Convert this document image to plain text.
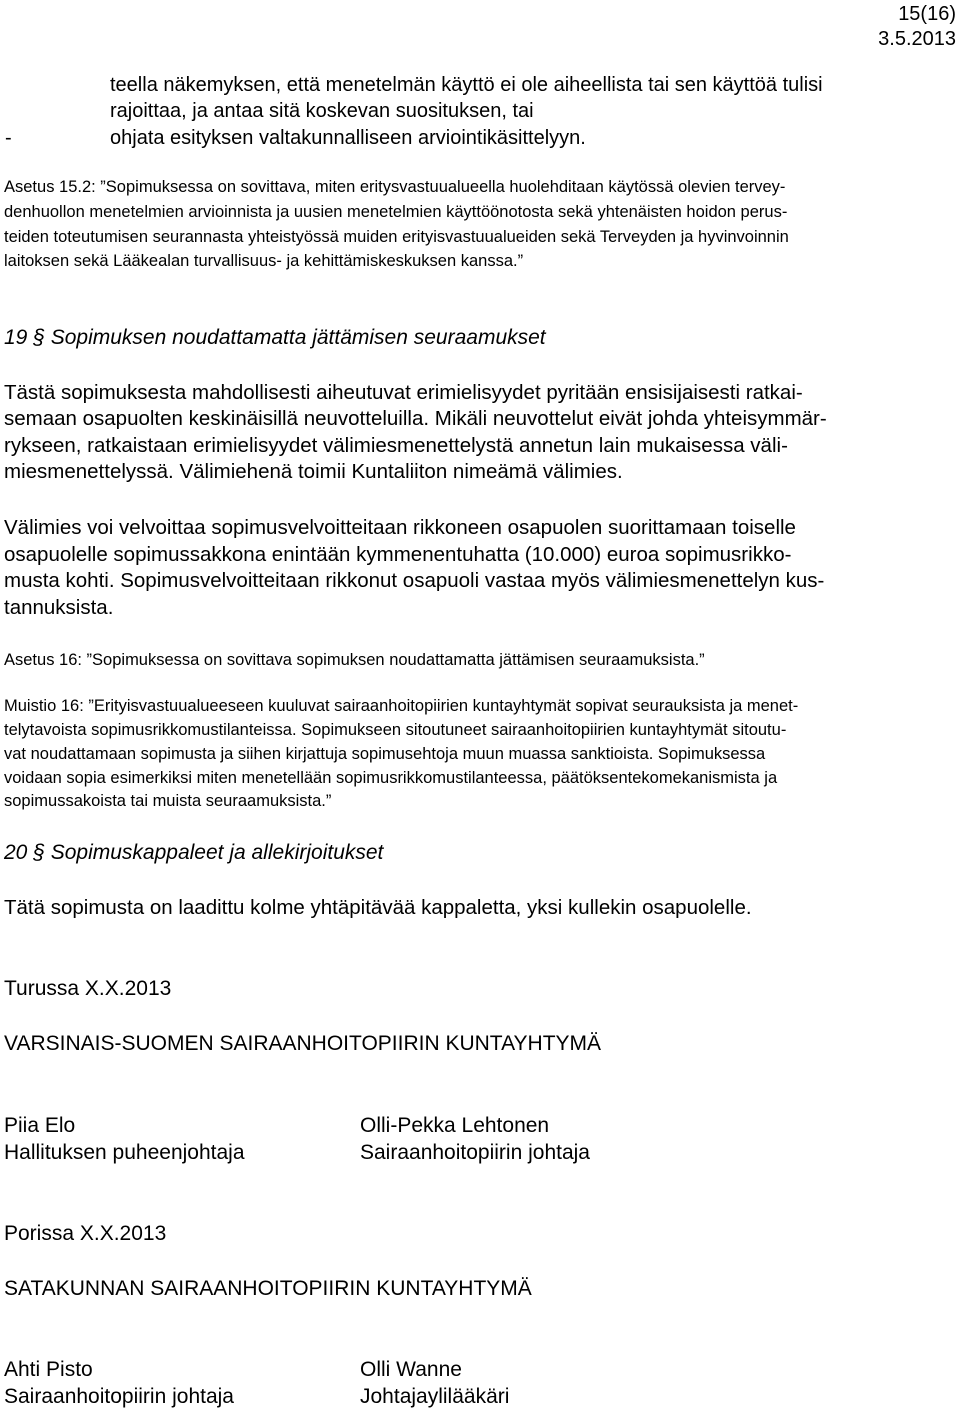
15(16)
3.5.2013
teella näkemyksen, että menetelmän käyttö ei ole aiheellista tai sen käyttöä tulisi
rajoittaa, ja antaa sitä koskevan suosituksen, tai
-	ohjata esityksen valtakunnalliseen arviointikäsittelyyn.
Asetus 15.2: ”Sopimuksessa on sovittava, miten eritysvastuualueella huolehditaan käytössä olevien tervey-
denhuollon menetelmien arvioinnista ja uusien menetelmien käyttöönotosta sekä yhtenäisten hoidon perus-
teiden toteutumisen seurannasta yhteistyössä muiden erityisvastuualueiden sekä Terveyden ja hyvinvoinnin
laitoksen sekä Lääkealan turvallisuus- ja kehittämiskeskuksen kanssa.”
19 § Sopimuksen noudattamatta jättämisen seuraamukset
Tästä sopimuksesta mahdollisesti aiheutuvat erimielisyydet pyritään ensisijaisesti ratkai-
semaan osapuolten keskinäisillä neuvotteluilla. Mikäli neuvottelut eivät johda yhteisymmär-
rykseen, ratkaistaan erimielisyydet välimiesmenettelystä annetun lain mukaisessa väli-
miesmenettelyssä. Välimiehenä toimii Kuntaliiton nimeämä välimies.
Välimies voi velvoittaa sopimusvelvoitteitaan rikkoneen osapuolen suorittamaan toiselle
osapuolelle sopimussakkona enintään kymmenentuhatta (10.000) euroa sopimusrikko-
musta kohti. Sopimusvelvoitteitaan rikkonut osapuoli vastaa myös välimiesmenettelyn kus-
tannuksista.
Asetus 16: ”Sopimuksessa on sovittava sopimuksen noudattamatta jättämisen seuraamuksista.”
Muistio 16: ”Erityisvastuualueeseen kuuluvat sairaanhoitopiirien kuntayhtymät sopivat seurauksista ja menet-
telytavoista sopimusrikkomustilanteissa. Sopimukseen sitoutuneet sairaanhoitopiirien kuntayhtymät sitoutu-
vat noudattamaan sopimusta ja siihen kirjattuja sopimusehtoja muun muassa sanktioista. Sopimuksessa
voidaan sopia esimerkiksi miten menetellään sopimusrikkomustilanteessa, päätöksentekomekanismista ja
sopimussakoista tai muista seuraamuksista.”
20 § Sopimuskappaleet ja allekirjoitukset
Tätä sopimusta on laadittu kolme yhtäpitävää kappaletta, yksi kullekin osapuolelle.
Turussa X.X.2013
VARSINAIS-SUOMEN SAIRAANHOITOPIIRIN KUNTAYHTYMÄ
Piia Elo
Hallituksen puheenjohtaja
Olli-Pekka Lehtonen
Sairaanhoitopiirin johtaja
Porissa X.X.2013
SATAKUNNAN SAIRAANHOITOPIIRIN KUNTAYHTYMÄ
Ahti Pisto
Sairaanhoitopiirin johtaja
Olli Wanne
Johtajaylilääkäri
